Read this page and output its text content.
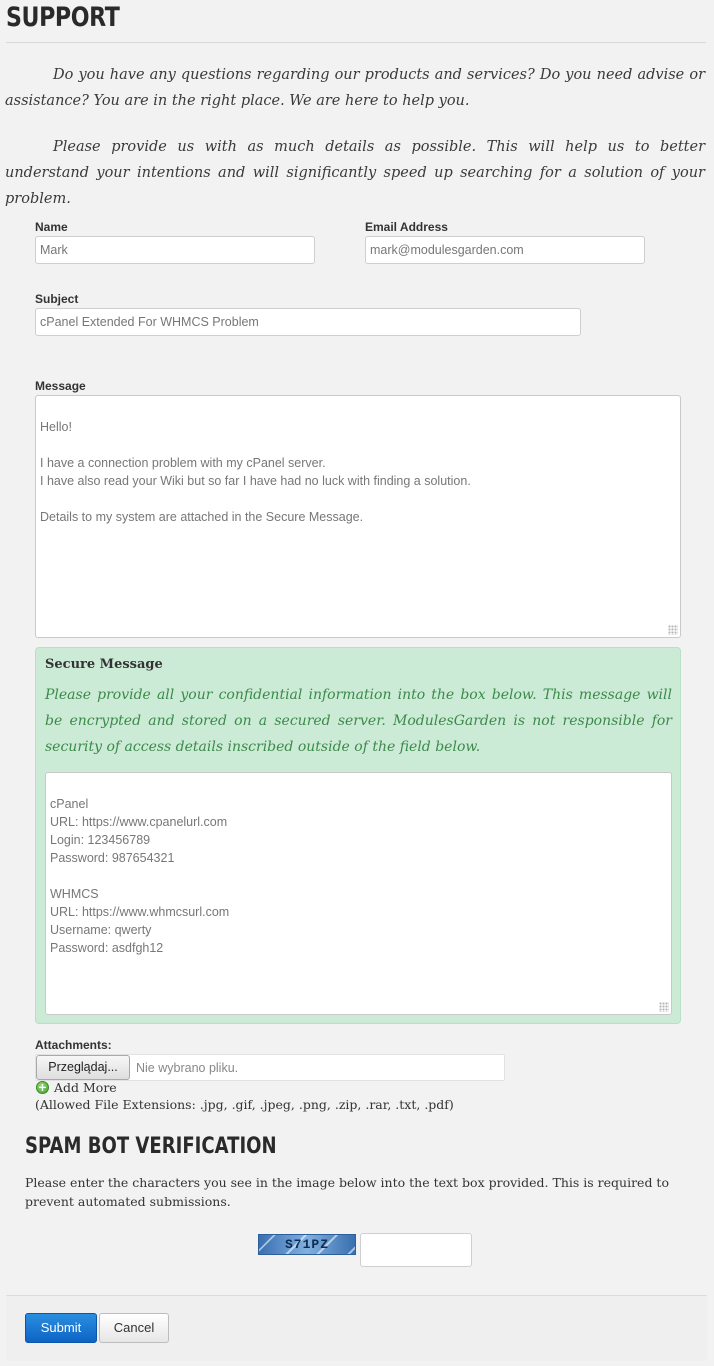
SUPPORT

Do you have any questions regarding our products and services? Do you need advise or assistance? You are in the right place. We are here to help you.

Please provide us with as much details as possible. This will help us to better understand your intentions and will significantly speed up searching for a solution of your problem.

Name
Mark
Email Address
mark@modulesgarden.com
Subject
cPanel Extended For WHMCS Problem
Message

Hello!

I have a connection problem with my cPanel server.
I have also read your Wiki but so far I have had no luck with finding a solution.

Details to my system are attached in the Secure Message.

Secure Message
Please provide all your confidential information into the box below. This message will be encrypted and stored on a secured server. ModulesGarden is not responsible for security of access details inscribed outside of the field below.

cPanel
URL: https://www.cpanelurl.com
Login: 123456789
Password: 987654321

WHMCS
URL: https://www.whmcsurl.com
Username: qwerty
Password: asdfgh12

Attachments:
Przeglądaj...	Nie wybrano pliku.
+ Add More
(Allowed File Extensions: .jpg, .gif, .jpeg, .png, .zip, .rar, .txt, .pdf)
SPAM BOT VERIFICATION

Please enter the characters you see in the image below into the text box provided. This is required to prevent automated submissions.

S71PZ
Submit	Cancel
